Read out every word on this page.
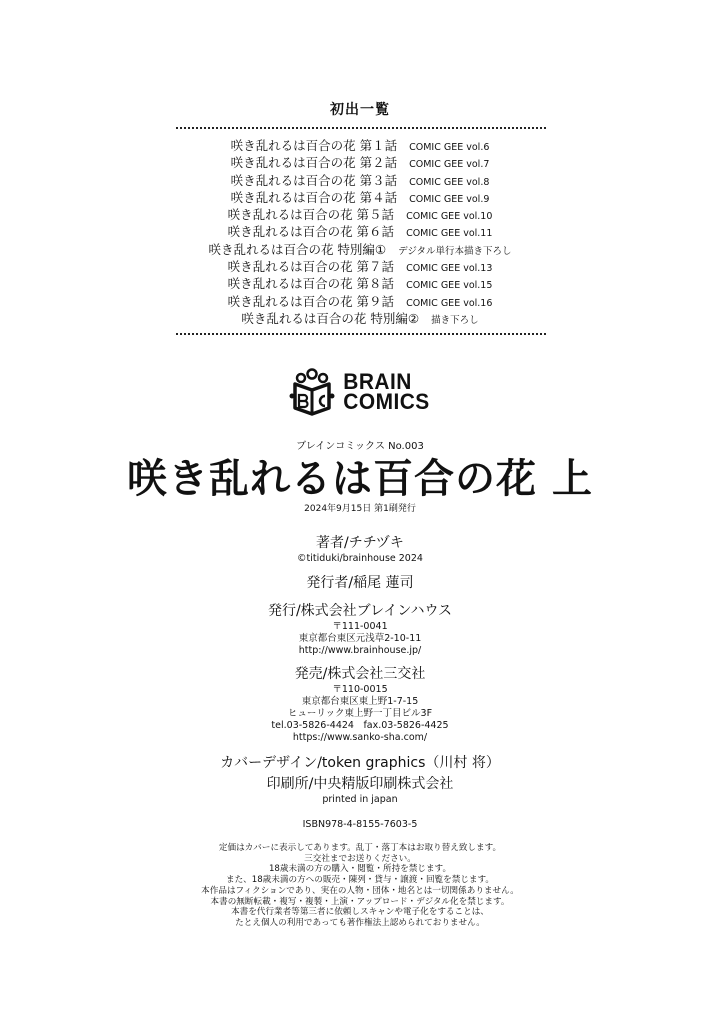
初出一覧
咲き乱れるは百合の花 第１話 COMIC GEE vol.6
咲き乱れるは百合の花 第２話 COMIC GEE vol.7
咲き乱れるは百合の花 第３話 COMIC GEE vol.8
咲き乱れるは百合の花 第４話 COMIC GEE vol.9
咲き乱れるは百合の花 第５話 COMIC GEE vol.10
咲き乱れるは百合の花 第６話 COMIC GEE vol.11
咲き乱れるは百合の花 特別編① デジタル単行本描き下ろし
咲き乱れるは百合の花 第７話 COMIC GEE vol.13
咲き乱れるは百合の花 第８話 COMIC GEE vol.15
咲き乱れるは百合の花 第９話 COMIC GEE vol.16
咲き乱れるは百合の花 特別編② 描き下ろし
BRAIN
COMICS
ブレインコミックス No.003
咲き乱れるは百合の花 上
2024年9月15日 第1刷発行
著者/チチヅキ
©titiduki/brainhouse 2024
発行者/稲尾 蓮司
発行/株式会社ブレインハウス
〒111-0041
東京都台東区元浅草2-10-11
http://www.brainhouse.jp/
発売/株式会社三交社
〒110-0015
東京都台東区東上野1-7-15
ヒューリック東上野一丁目ビル3F
tel.03-5826-4424　fax.03-5826-4425
https://www.sanko-sha.com/
カバーデザイン/token graphics（川村 将）
印刷所/中央精版印刷株式会社
printed in japan
ISBN978-4-8155-7603-5
定価はカバーに表示してあります。乱丁・落丁本はお取り替え致します。
三交社までお送りください。
18歳未満の方の購入・閲覧・所持を禁じます。
また、18歳未満の方への販売・陳列・貸与・譲渡・回覧を禁じます。
本作品はフィクションであり、実在の人物・団体・地名とは一切関係ありません。
本書の無断転載・複写・複製・上演・アップロード・デジタル化を禁じます。
本書を代行業者等第三者に依頼しスキャンや電子化をすることは、
たとえ個人の利用であっても著作権法上認められておりません。
